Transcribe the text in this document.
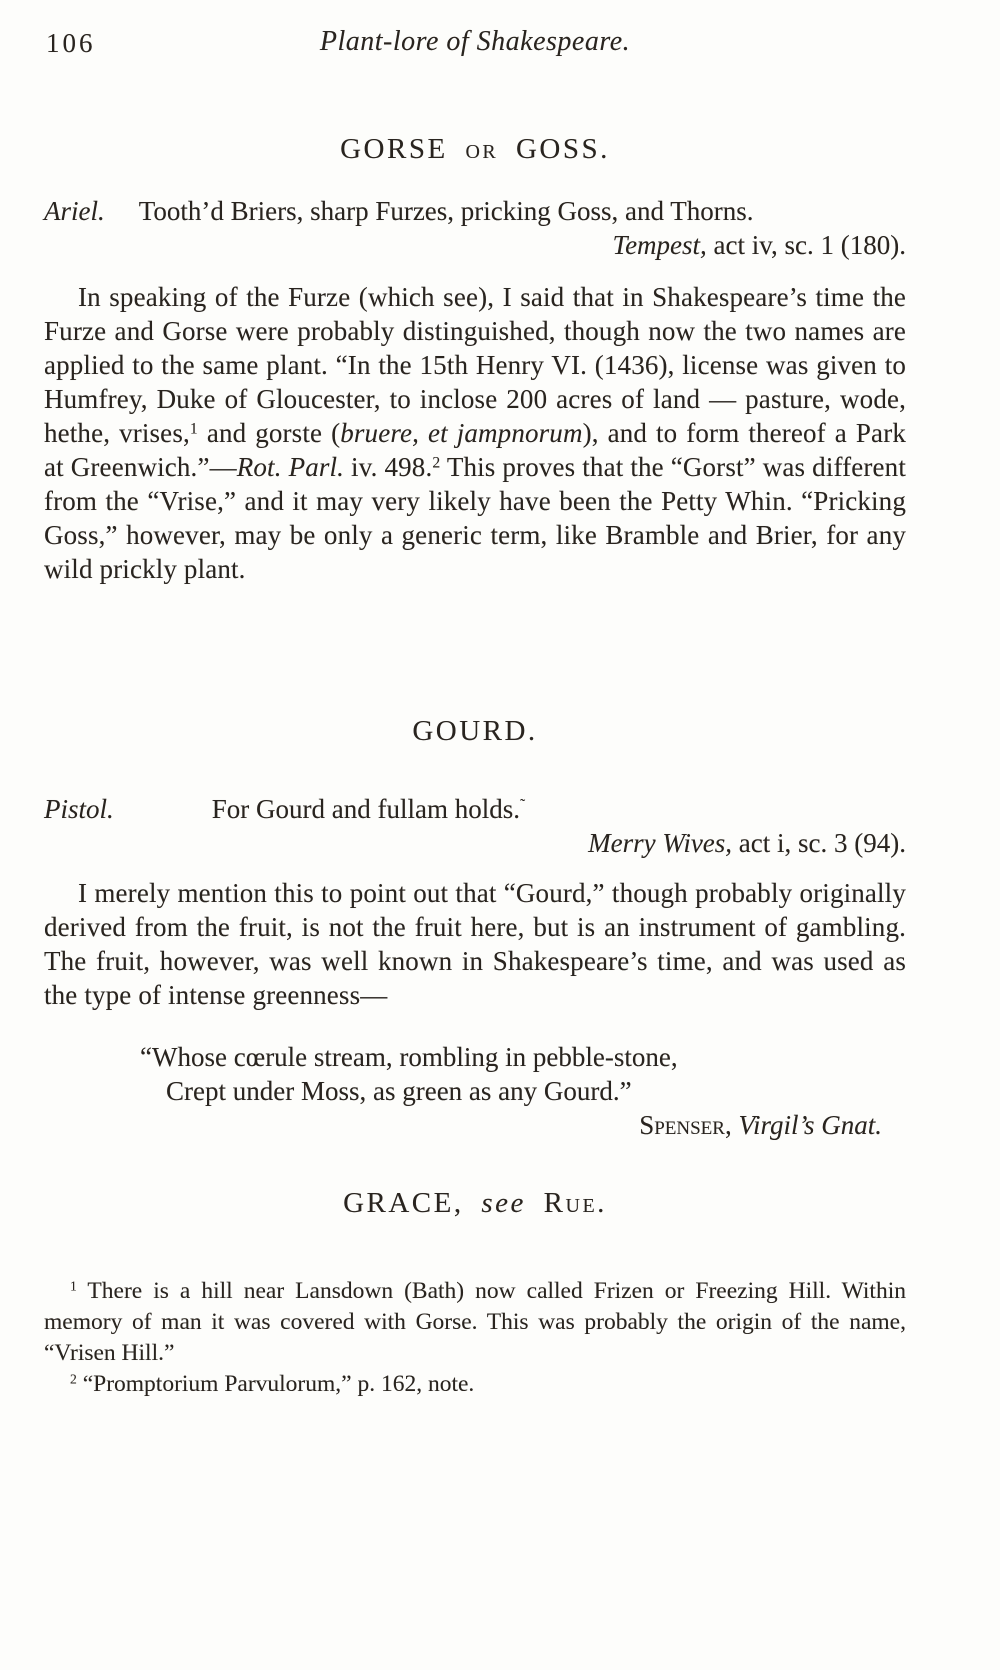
106	Plant-lore of Shakespeare.
GORSE or GOSS.
Ariel. Tooth’d Briers, sharp Furzes, pricking Goss, and Thorns.
Tempest, act iv, sc. 1 (180).

In speaking of the Furze (which see), I said that in Shakespeare’s time the Furze and Gorse were probably distinguished, though now the two names are applied to the same plant. “In the 15th Henry VI. (1436), license was given to Humfrey, Duke of Gloucester, to inclose 200 acres of land — pasture, wode, hethe, vrises,$^1$ and gorste (bruere, et jampnorum), and to form thereof a Park at Greenwich.”—Rot. Parl. iv. 498.$^2$ This proves that the “Gorst” was different from the “Vrise,” and it may very likely have been the Petty Whin. “Pricking Goss,” however, may be only a generic term, like Bramble and Brier, for any wild prickly plant.

GOURD.
Pistol.	For Gourd and fullam holds.˜
Merry Wives, act i, sc. 3 (94).

I merely mention this to point out that “Gourd,” though probably originally derived from the fruit, is not the fruit here, but is an instrument of gambling. The fruit, however, was well known in Shakespeare’s time, and was used as the type of intense greenness—

“Whose cœrule stream, rombling in pebble-stone,
Crept under Moss, as green as any Gourd.”
Spenser, Virgil’s Gnat.
GRACE, see Rue.

$^1$ There is a hill near Lansdown (Bath) now called Frizen or Freezing Hill. Within memory of man it was covered with Gorse. This was probably the origin of the name, “Vrisen Hill.”

$^2$ “Promptorium Parvulorum,” p. 162, note.
